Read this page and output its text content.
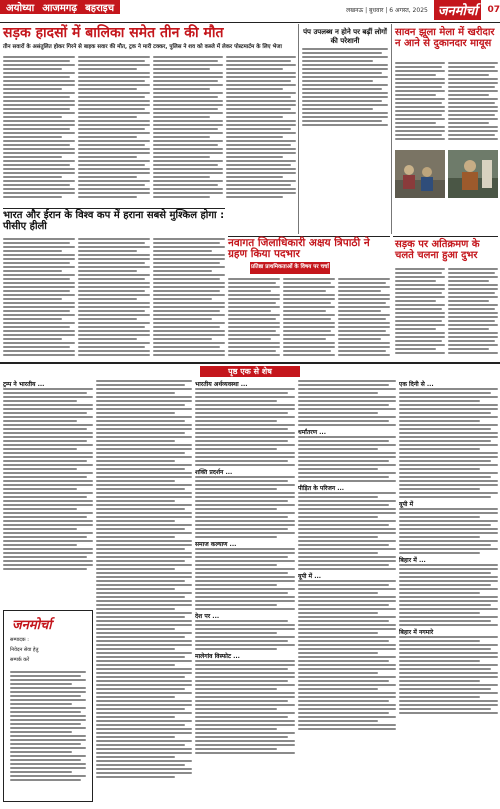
अयोध्या आजमगढ़ बहराइच	लखनऊ | बुधवार | 6 अगस्त, 2025 जनमोर्चा	07
सड़क हादसों में बालिका समेत तीन की मौत
तीन सवारों के असंतुलित होकर गिरने से बाइक सवार की मौत, ट्रक ने मारी टक्कर, पुलिस ने शव को कब्जे में लेकर पोस्टमार्टम के लिए भेजा
पंप उपलब्ध न होने पर बढ़ीं लोगों की परेशानी
सावन झूला मेला में खरीदार न आने से दुकानदार मायूस
भारत और ईरान के विश्व कप में हराना सबसे मुश्किल होगा : पीसीए हीली
नवागत जिलाधिकारी अक्षय त्रिपाठी ने ग्रहण किया पदभार
प्रतिष्ठा प्राथमिकताओं के विषय पर चर्चा
सड़क पर अतिक्रमण के चलते चलना हुआ दुभर
पृष्ठ एक से शेष
ट्रम्प ने भारतीय ...	भारतीय अर्थव्यवस्था ...
शक्ति प्रदर्शन ...
समाज कल्याण ...
देश पर ...
मालेगांव विस्फोट ...
धर्मांतरण ...
पीड़ित के परिजन ...
यूपी में ...
एक दिनी से ...
यूपी में
बिहार में ...
बिहार में नगमारे
जनमोर्चा
सम्पादक :
निवेदन सेवा हेतु
सम्पर्क करें
